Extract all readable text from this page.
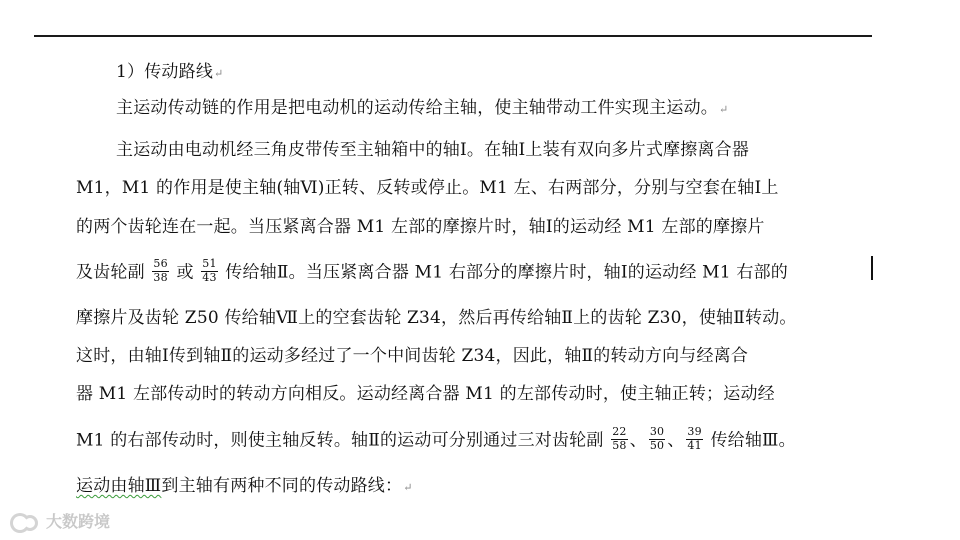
1）传动路线↵
主运动传动链的作用是把电动机的运动传给主轴，使主轴带动工件实现主运动。↵
主运动由电动机经三角皮带传至主轴箱中的轴Ⅰ。在轴Ⅰ上装有双向多片式摩擦离合器
M1，M1 的作用是使主轴(轴Ⅵ)正转、反转或停止。M1 左、右两部分，分别与空套在轴Ⅰ上
的两个齿轮连在一起。当压紧离合器 M1 左部的摩擦片时，轴Ⅰ的运动经 M1 左部的摩擦片
及齿轮副 $\frac{56}{38}$ 或 $\frac{51}{43}$ 传给轴Ⅱ。当压紧离合器 M1 右部分的摩擦片时，轴Ⅰ的运动经 M1 右部的
摩擦片及齿轮 Z50 传给轴Ⅶ上的空套齿轮 Z34，然后再传给轴Ⅱ上的齿轮 Z30，使轴Ⅱ转动。
这时，由轴Ⅰ传到轴Ⅱ的运动多经过了一个中间齿轮 Z34，因此，轴Ⅱ的转动方向与经离合
器 M1 左部传动时的转动方向相反。运动经离合器 M1 的左部传动时，使主轴正转；运动经
M1 的右部传动时，则使主轴反转。轴Ⅱ的运动可分别通过三对齿轮副 $\frac{22}{58}$ 、 $\frac{30}{50}$ 、 $\frac{39}{41}$ 传给轴Ⅲ。
运动由轴Ⅲ到主轴有两种不同的传动路线：↵
大数跨境
